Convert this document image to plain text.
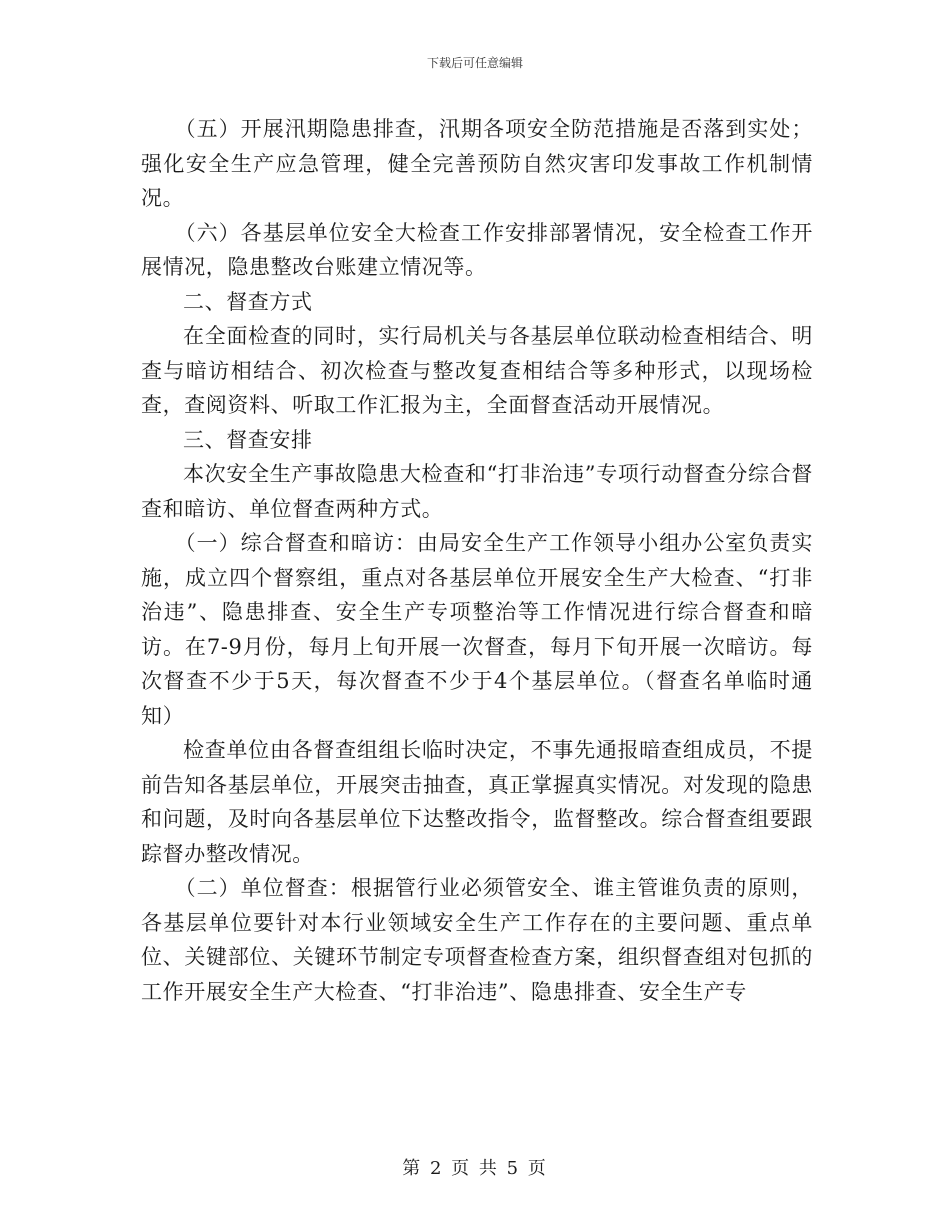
下载后可任意编辑

（五）开展汛期隐患排查，汛期各项安全防范措施是否落到实处；强化安全生产应急管理，健全完善预防自然灾害印发事故工作机制情况。

（六）各基层单位安全大检查工作安排部署情况，安全检查工作开展情况，隐患整改台账建立情况等。

二、督查方式

在全面检查的同时，实行局机关与各基层单位联动检查相结合、明查与暗访相结合、初次检查与整改复查相结合等多种形式，以现场检查，查阅资料、听取工作汇报为主，全面督查活动开展情况。

三、督查安排

本次安全生产事故隐患大检查和“打非治违”专项行动督查分综合督查和暗访、单位督查两种方式。

（一）综合督查和暗访：由局安全生产工作领导小组办公室负责实施，成立四个督察组，重点对各基层单位开展安全生产大检查、“打非治违”、隐患排查、安全生产专项整治等工作情况进行综合督查和暗访。在7-9月份，每月上旬开展一次督查，每月下旬开展一次暗访。每次督查不少于5天，每次督查不少于4个基层单位。（督查名单临时通知）

检查单位由各督查组组长临时决定，不事先通报暗查组成员，不提前告知各基层单位，开展突击抽查，真正掌握真实情况。对发现的隐患和问题，及时向各基层单位下达整改指令，监督整改。综合督查组要跟踪督办整改情况。

（二）单位督查：根据管行业必须管安全、谁主管谁负责的原则，各基层单位要针对本行业领域安全生产工作存在的主要问题、重点单位、关键部位、关键环节制定专项督查检查方案，组织督查组对包抓的工作开展安全生产大检查、“打非治违”、隐患排查、安全生产专

第 2 页 共 5 页
